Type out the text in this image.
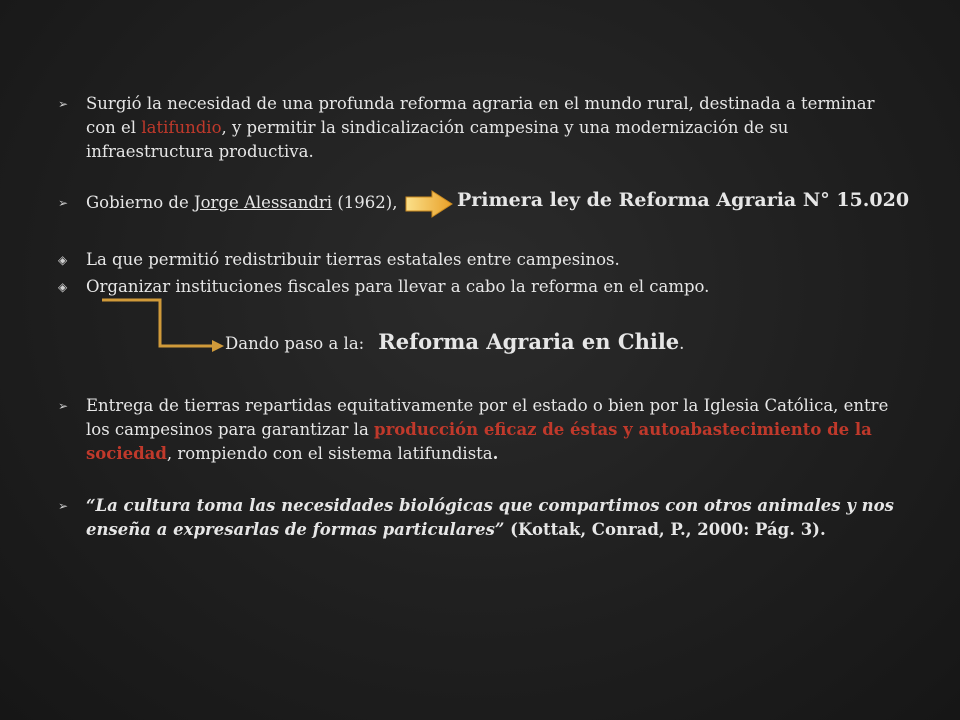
➢	Surgió la necesidad de una profunda reforma agraria en el mundo rural, destinada a terminar con el latifundio, y permitir la sindicalización campesina y una modernización de su infraestructura productiva.
➢	Gobierno de Jorge Alessandri (1962),	Primera ley de Reforma Agraria N° 15.020
◈	La que permitió redistribuir tierras estatales entre campesinos.
◈	Organizar instituciones fiscales para llevar a cabo la reforma en el campo.
Dando paso a la: Reforma Agraria en Chile.
➢	Entrega de tierras repartidas equitativamente por el estado o bien por la Iglesia Católica, entre los campesinos para garantizar la producción eficaz de éstas y autoabastecimiento de la sociedad, rompiendo con el sistema latifundista.
➢	“La cultura toma las necesidades biológicas que compartimos con otros animales y nos enseña a expresarlas de formas particulares” (Kottak, Conrad, P., 2000: Pág. 3).
